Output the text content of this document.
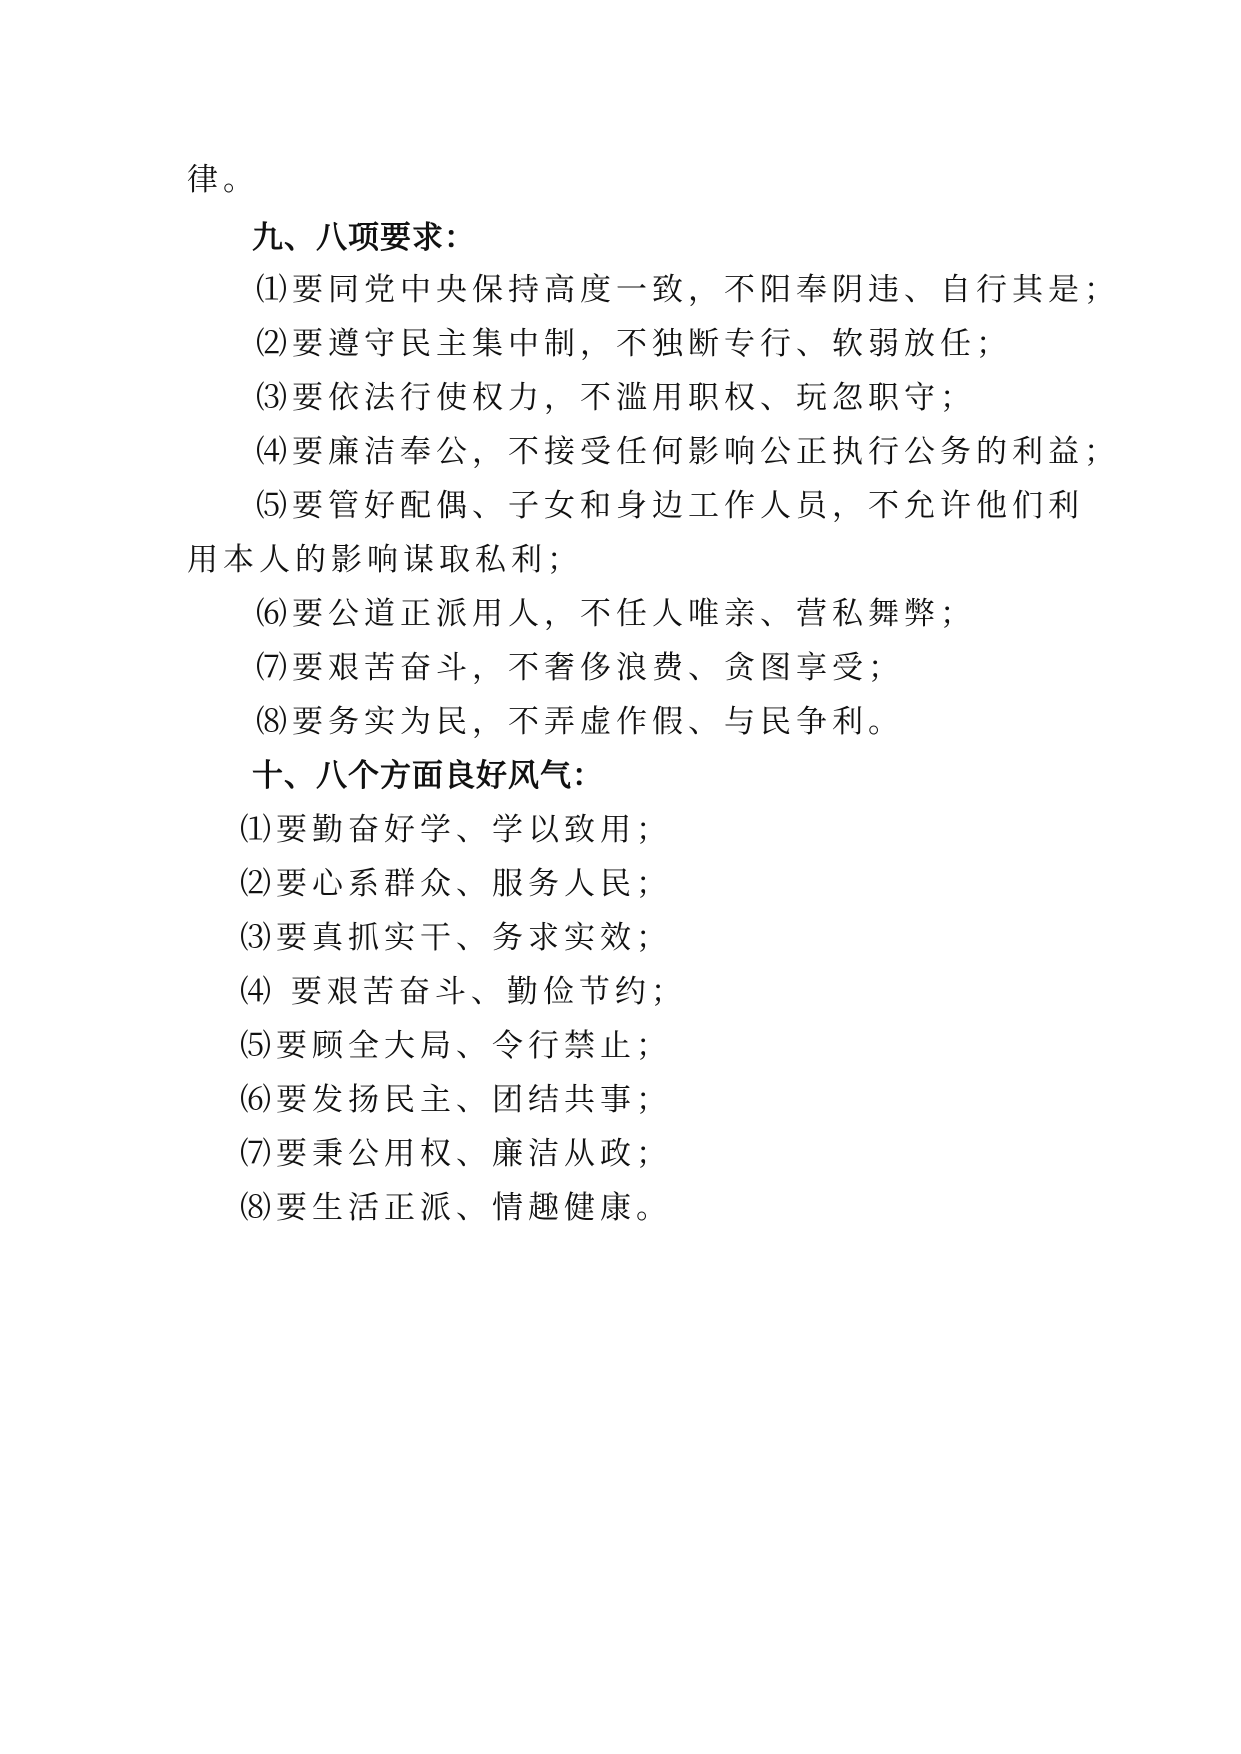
律。
九、八项要求：
⑴要同党中央保持高度一致，不阳奉阴违、自行其是；
⑵要遵守民主集中制，不独断专行、软弱放任；
⑶要依法行使权力，不滥用职权、玩忽职守；
⑷要廉洁奉公，不接受任何影响公正执行公务的利益；
⑸要管好配偶、子女和身边工作人员，不允许他们利
用本人的影响谋取私利；
⑹要公道正派用人，不任人唯亲、营私舞弊；
⑺要艰苦奋斗，不奢侈浪费、贪图享受；
⑻要务实为民，不弄虚作假、与民争利。
十、八个方面良好风气：
⑴要勤奋好学、学以致用；
⑵要心系群众、服务人民；
⑶要真抓实干、务求实效；
⑷ 要艰苦奋斗、勤俭节约；
⑸要顾全大局、令行禁止；
⑹要发扬民主、团结共事；
⑺要秉公用权、廉洁从政；
⑻要生活正派、情趣健康。
